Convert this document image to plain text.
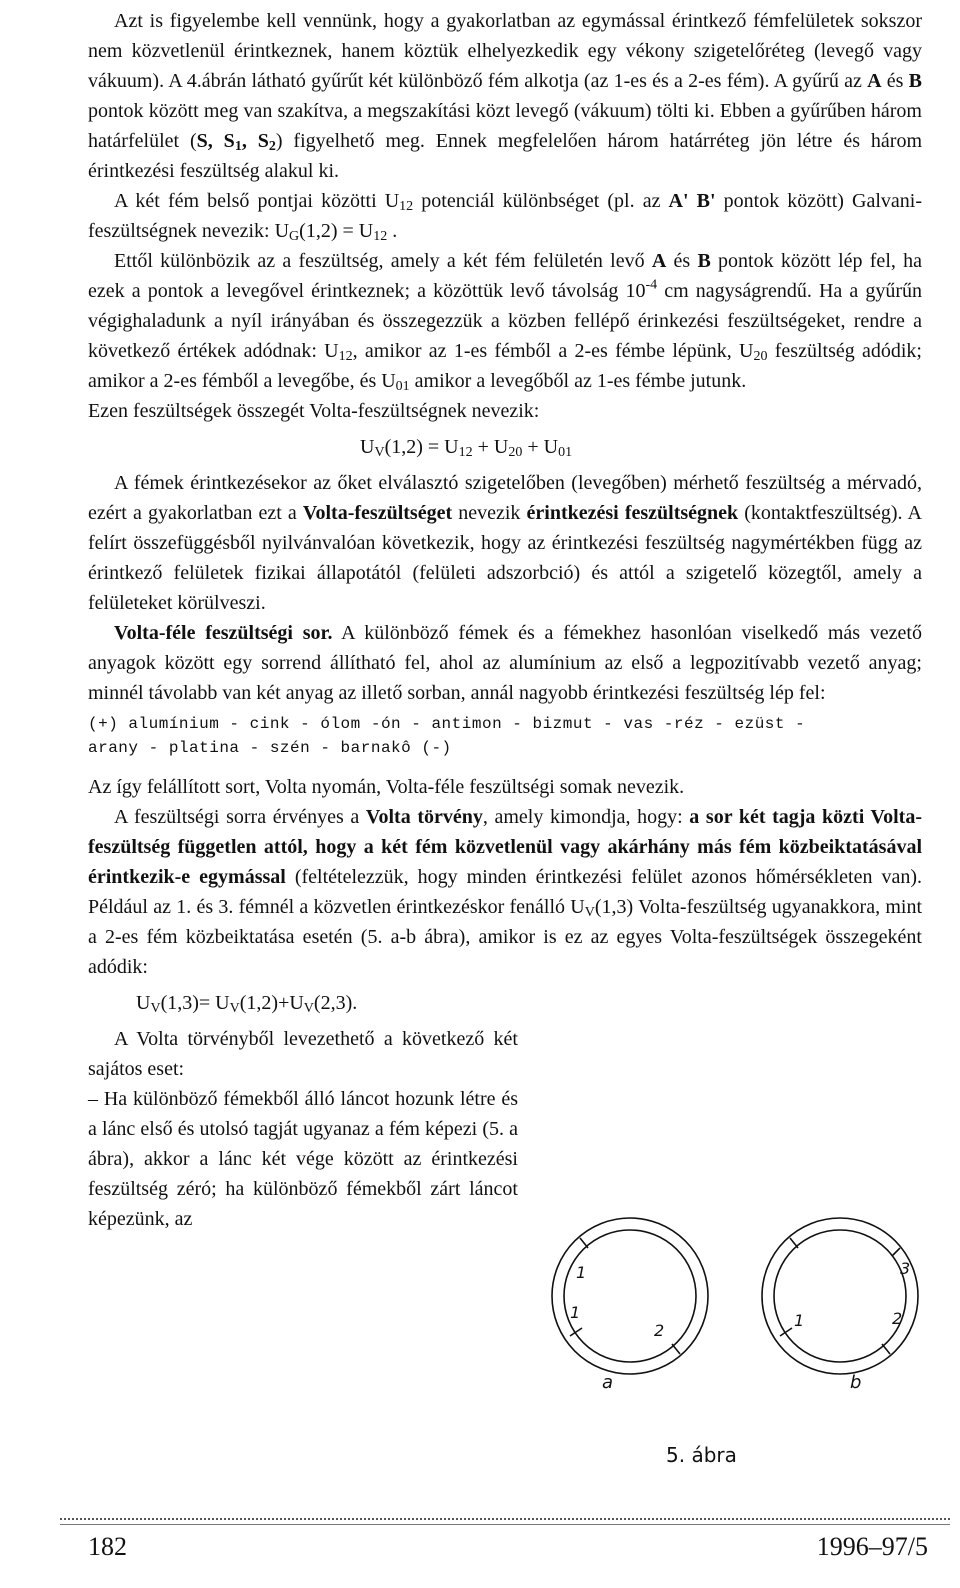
Azt is figyelembe kell vennünk, hogy a gyakorlatban az egymással érintkező fémfelületek sokszor nem közvetlenül érintkeznek, hanem köztük elhelyezkedik egy vékony szigetelőréteg (levegő vagy vákuum). A 4.ábrán látható gyűrűt két különböző fém alkotja (az 1-es és a 2-es fém). A gyűrű az A és B pontok között meg van szakítva, a megszakítási közt levegő (vákuum) tölti ki. Ebben a gyűrűben három határfelület (S, $S_1$, $S_2$) figyelhető meg. Ennek megfelelően három határréteg jön létre és három érintkezési feszültség alakul ki.

A két fém belső pontjai közötti $U_{12}$ potenciál különbséget (pl. az A' B' pontok között) Galvani-feszültségnek nevezik: $U_G(1,2) = U_{12}$ .

Ettől különbözik az a feszültség, amely a két fém felületén levő A és B pontok között lép fel, ha ezek a pontok a levegővel érintkeznek; a közöttük levő távolság $10^{-4}$ cm nagyságrendű. Ha a gyűrűn végighaladunk a nyíl irányában és összegezzük a közben fellépő érinkezési feszültségeket, rendre a következő értékek adódnak: $U_{12}$, amikor az 1-es fémből a 2-es fémbe lépünk, $U_{20}$ feszültség adódik; amikor a 2-es fémből a levegőbe, és $U_{01}$ amikor a levegőből az 1-es fémbe jutunk.

Ezen feszültségek összegét Volta-feszültségnek nevezik:

$U_V(1,2) = U_{12} + U_{20} + U_{01}$

A fémek érintkezésekor az őket elválasztó szigetelőben (levegőben) mérhető feszültség a mérvadó, ezért a gyakorlatban ezt a Volta-feszültséget nevezik érintkezési feszültségnek (kontaktfeszültség). A felírt összefüggésből nyilvánvalóan következik, hogy az érintkezési feszültség nagymértékben függ az érintkező felületek fizikai állapotától (felületi adszorbció) és attól a szigetelő közegtől, amely a felületeket körülveszi.

Volta-féle feszültségi sor. A különböző fémek és a fémekhez hasonlóan viselkedő más vezető anyagok között egy sorrend állítható fel, ahol az alumínium az első a legpozitívabb vezető anyag; minnél távolabb van két anyag az illető sorban, annál nagyobb érintkezési feszültség lép fel:

(+) alumínium - cink - ólom -ón - antimon - bizmut - vas -réz - ezüst -
arany - platina - szén - barnakô (-)

Az így felállított sort, Volta nyomán, Volta-féle feszültségi somak nevezik.

A feszültségi sorra érvényes a Volta törvény, amely kimondja, hogy: a sor két tagja közti Volta-feszültség független attól, hogy a két fém közvetlenül vagy akárhány más fém közbeiktatásával érintkezik-e egymással (feltételezzük, hogy minden érintkezési felület azonos hőmérsékleten van). Például az 1. és 3. fémnél a közvetlen érintkezéskor fenálló $U_V(1,3)$ Volta-feszültség ugyanakkora, mint a 2-es fém közbeiktatása esetén (5. a-b ábra), amikor is ez az egyes Volta-feszültségek összegeként adódik:

$U_V(1,3)= U_V(1,2)+U_V(2,3)$.

A Volta törvényből levezethető a következő két sajátos eset:

– Ha különböző fémekből álló láncot hozunk létre és a lánc első és utolsó tagját ugyanaz a fém képezi (5. a ábra), akkor a lánc két vége között az érintkezési feszültség zéró; ha különböző fémekből zárt láncot képezünk, az

1
2
1	1
3
2
a	b
5. ábra
182	1996–97/5
